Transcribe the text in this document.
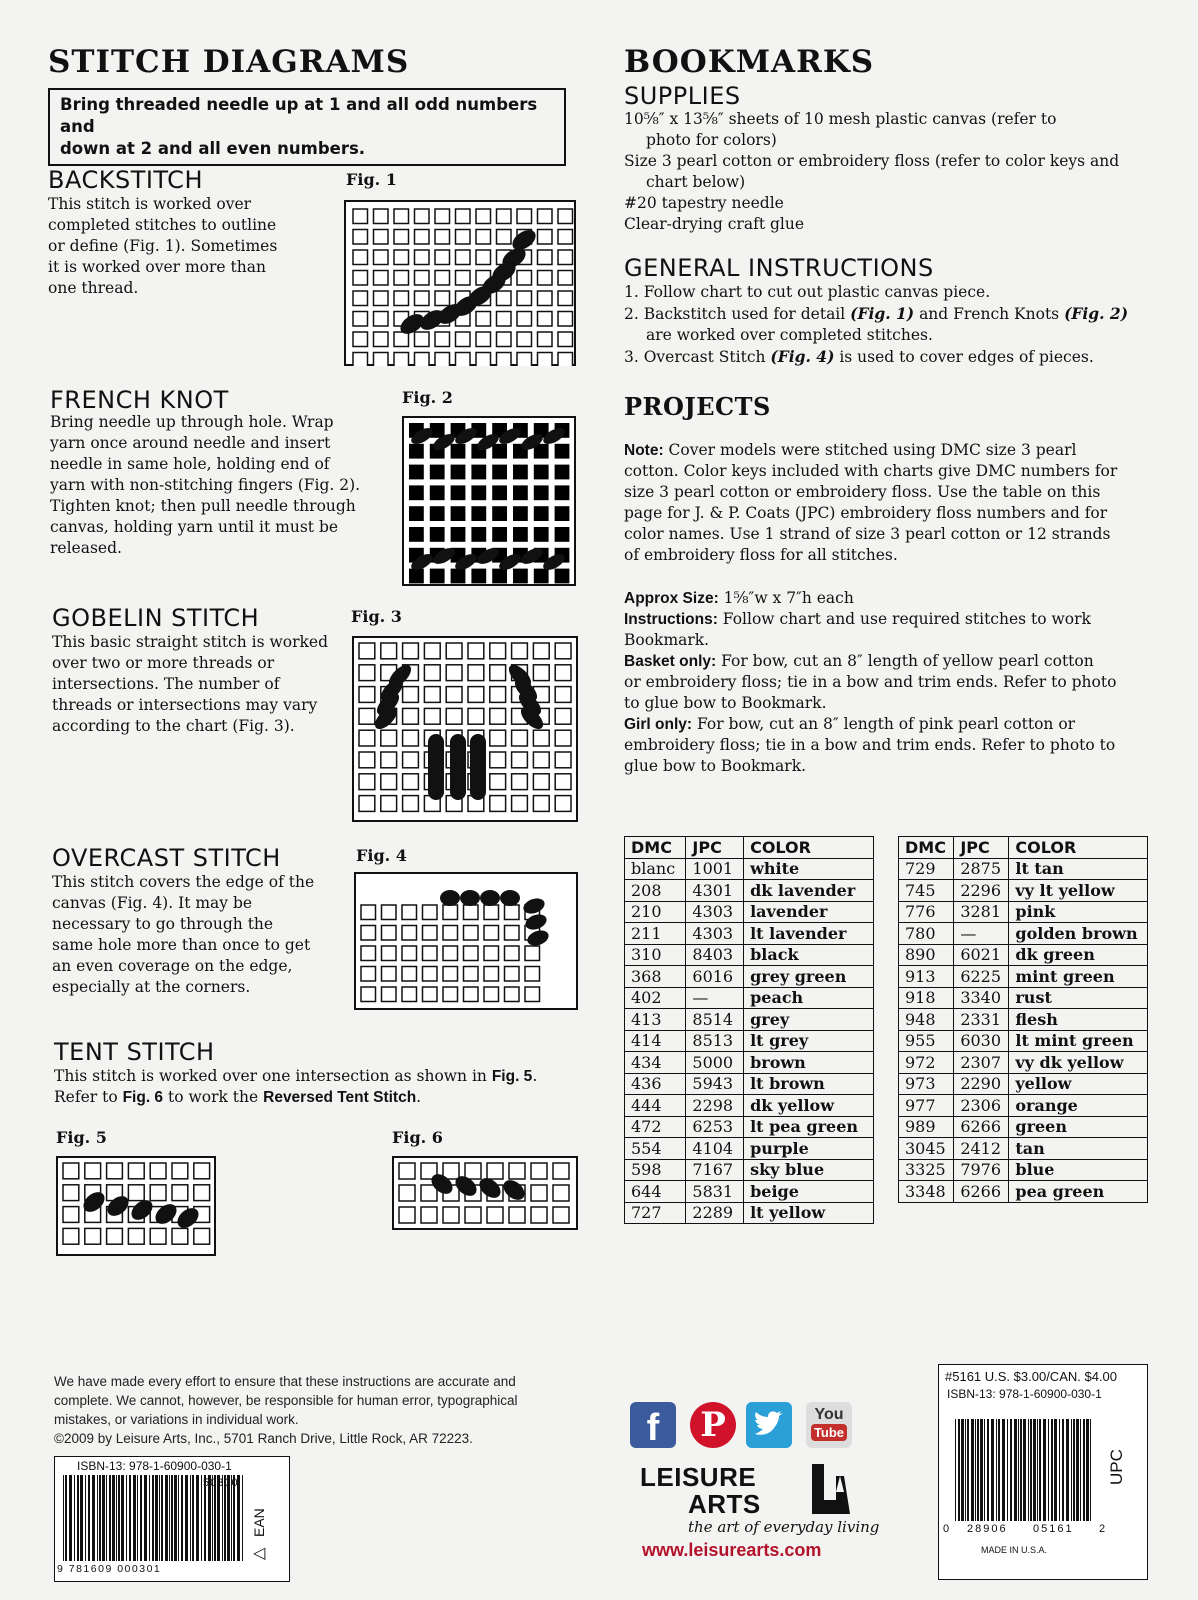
STITCH DIAGRAMS
Bring threaded needle up at 1 and all odd numbers and
down at 2 and all even numbers.
BACKSTITCH
This stitch is worked over
completed stitches to outline
or define (Fig. 1). Sometimes
it is worked over more than
one thread.
Fig. 1
FRENCH KNOT
Bring needle up through hole. Wrap
yarn once around needle and insert
needle in same hole, holding end of
yarn with non-stitching fingers (Fig. 2).
Tighten knot; then pull needle through
canvas, holding yarn until it must be
released.
Fig. 2
GOBELIN STITCH
This basic straight stitch is worked
over two or more threads or
intersections. The number of
threads or intersections may vary
according to the chart (Fig. 3).
Fig. 3
OVERCAST STITCH
This stitch covers the edge of the
canvas (Fig. 4). It may be
necessary to go through the
same hole more than once to get
an even coverage on the edge,
especially at the corners.
Fig. 4
TENT STITCH
This stitch is worked over one intersection as shown in Fig. 5.
Refer to Fig. 6 to work the Reversed Tent Stitch.
Fig. 5	Fig. 6
BOOKMARKS
SUPPLIES
10⅝″ x 13⅝″ sheets of 10 mesh plastic canvas (refer to
photo for colors)
Size 3 pearl cotton or embroidery floss (refer to color keys and
chart below)
#20 tapestry needle
Clear-drying craft glue
GENERAL INSTRUCTIONS
1. Follow chart to cut out plastic canvas piece.
2. Backstitch used for detail (Fig. 1) and French Knots (Fig. 2)
are worked over completed stitches.
3. Overcast Stitch (Fig. 4) is used to cover edges of pieces.
PROJECTS
Note: Cover models were stitched using DMC size 3 pearl
cotton. Color keys included with charts give DMC numbers for
size 3 pearl cotton or embroidery floss. Use the table on this
page for J. & P. Coats (JPC) embroidery floss numbers and for
color names. Use 1 strand of size 3 pearl cotton or 12 strands
of embroidery floss for all stitches.
Approx Size: 1⅝″w x 7″h each
Instructions: Follow chart and use required stitches to work
Bookmark.
Basket only: For bow, cut an 8″ length of yellow pearl cotton
or embroidery floss; tie in a bow and trim ends. Refer to photo
to glue bow to Bookmark.
Girl only: For bow, cut an 8″ length of pink pearl cotton or
embroidery floss; tie in a bow and trim ends. Refer to photo to
glue bow to Bookmark.
DMC	JPC	COLOR
blanc	1001	white
208	4301	dk lavender
210	4303	lavender
211	4303	lt lavender
310	8403	black
368	6016	grey green
402	—	peach
413	8514	grey
414	8513	lt grey
434	5000	brown
436	5943	lt brown
444	2298	dk yellow
472	6253	lt pea green
554	4104	purple
598	7167	sky blue
644	5831	beige
727	2289	lt yellow
DMC	JPC	COLOR
729	2875	lt tan
745	2296	vy lt yellow
776	3281	pink
780	—	golden brown
890	6021	dk green
913	6225	mint green
918	3340	rust
948	2331	flesh
955	6030	lt mint green
972	2307	vy dk yellow
973	2290	yellow
977	2306	orange
989	6266	green
3045	2412	tan
3325	7976	blue
3348	6266	pea green
We have made every effort to ensure that these instructions are accurate and
complete. We cannot, however, be responsible for human error, typographical
mistakes, or variations in individual work.
©2009 by Leisure Arts, Inc., 5701 Ranch Drive, Little Rock, AR 72223.
ISBN-13: 978-1-60900-030-1
50300
9 781609 000301
EAN
◁
f	P	You
Tube
LEISURE
ARTS
the art of everyday living
www.leisurearts.com
#5161 U.S. $3.00/CAN. $4.00
ISBN-13: 978-1-60900-030-1
UPC
0 28906 05161 2
MADE IN U.S.A.
